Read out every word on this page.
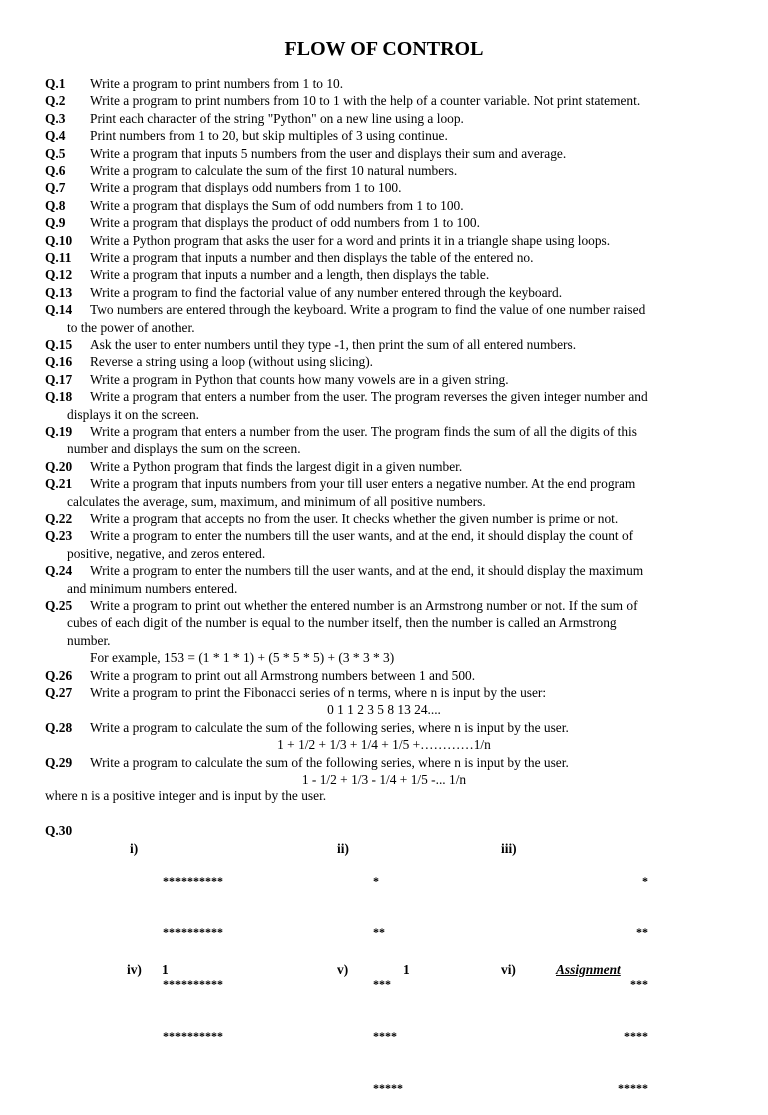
FLOW OF CONTROL
Q.1 Write a program to print numbers from 1 to 10.
Q.2 Write a program to print numbers from 10 to 1 with the help of a counter variable. Not print statement.
Q.3 Print each character of the string "Python" on a new line using a loop.
Q.4 Print numbers from 1 to 20, but skip multiples of 3 using continue.
Q.5 Write a program that inputs 5 numbers from the user and displays their sum and average.
Q.6 Write a program to calculate the sum of the first 10 natural numbers.
Q.7 Write a program that displays odd numbers from 1 to 100.
Q.8 Write a program that displays the Sum of odd numbers from 1 to 100.
Q.9 Write a program that displays the product of odd numbers from 1 to 100.
Q.10 Write a Python program that asks the user for a word and prints it in a triangle shape using loops.
Q.11 Write a program that inputs a number and then displays the table of the entered no.
Q.12 Write a program that inputs a number and a length, then displays the table.
Q.13 Write a program to find the factorial value of any number entered through the keyboard.
Q.14 Two numbers are entered through the keyboard. Write a program to find the value of one number raised
to the power of another.
Q.15 Ask the user to enter numbers until they type -1, then print the sum of all entered numbers.
Q.16 Reverse a string using a loop (without using slicing).
Q.17 Write a program in Python that counts how many vowels are in a given string.
Q.18 Write a program that enters a number from the user. The program reverses the given integer number and
displays it on the screen.
Q.19 Write a program that enters a number from the user. The program finds the sum of all the digits of this
number and displays the sum on the screen.
Q.20 Write a Python program that finds the largest digit in a given number.
Q.21 Write a program that inputs numbers from your till user enters a negative number. At the end program
calculates the average, sum, maximum, and minimum of all positive numbers.
Q.22 Write a program that accepts no from the user. It checks whether the given number is prime or not.
Q.23 Write a program to enter the numbers till the user wants, and at the end, it should display the count of
positive, negative, and zeros entered.
Q.24 Write a program to enter the numbers till the user wants, and at the end, it should display the maximum
and minimum numbers entered.
Q.25 Write a program to print out whether the entered number is an Armstrong number or not. If the sum of
cubes of each digit of the number is equal to the number itself, then the number is called an Armstrong
number.
For example, 153 = (1 * 1 * 1) + (5 * 5 * 5) + (3 * 3 * 3)
Q.26 Write a program to print out all Armstrong numbers between 1 and 500.
Q.27 Write a program to print the Fibonacci series of n terms, where n is input by the user:
0 1 1 2 3 5 8 13 24....
Q.28 Write a program to calculate the sum of the following series, where n is input by the user.
1 + 1/2 + 1/3 + 1/4 + 1/5 +…………1/n
Q.29 Write a program to calculate the sum of the following series, where n is input by the user.
1 - 1/2 + 1/3 - 1/4 + 1/5 -... 1/n
where n is a positive integer and is input by the user.
Q.30
i)

**********

**********

**********

**********

ii)

*

**

***

****

*****

iii)

*

**

***

****

*****

iv) 1	v)	1	vi)	Assignment
